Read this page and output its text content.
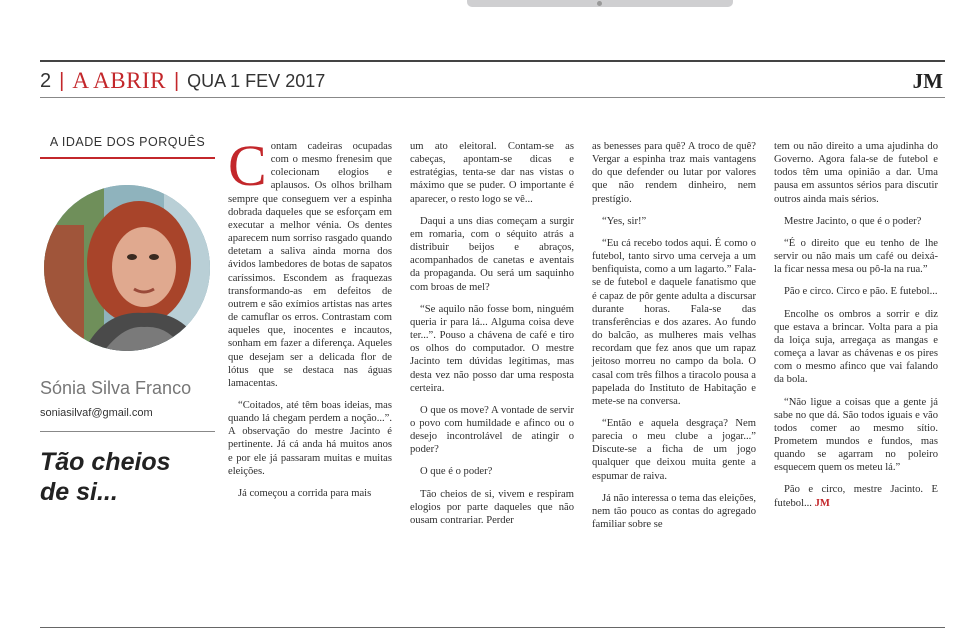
2 | A ABRIR | QUA 1 FEV 2017	JM
A IDADE DOS PORQUÊS
Sónia Silva Franco
soniasilvaf@gmail.com
Tão cheios
de si...

Contam cadeiras ocupadas com o mesmo frenesim que colecionam elogios e aplausos. Os olhos brilham sempre que conseguem ver a espinha dobrada daqueles que se esforçam em executar a melhor vénia. Os dentes aparecem num sorriso rasgado quando detetam a saliva ainda morna dos ávidos lambedores de botas de sapatos caríssimos. Escondem as fraquezas transformando-as em defeitos de outrem e são exímios artistas nas artes de camuflar os erros. Contrastam com aqueles que, inocentes e incautos, sonham em fazer a diferença. Aqueles que desejam ser a delicada flor de lótus que se destaca nas águas lamacentas.

“Coitados, até têm boas ideias, mas quando lá chegam perdem a noção...”. A observação do mestre Jacinto é pertinente. Já cá anda há muitos anos e por ele já passaram muitas e muitas eleições.

Já começou a corrida para mais

um ato eleitoral. Contam-se as cabeças, apontam-se dicas e estratégias, tenta-se dar nas vistas o máximo que se puder. O importante é aparecer, o resto logo se vê...

Daqui a uns dias começam a surgir em romaria, com o séquito atrás a distribuir beijos e abraços, acompanhados de canetas e aventais da propaganda. Ou será um saquinho com broas de mel?

“Se aquilo não fosse bom, ninguém queria ir para lá... Alguma coisa deve ter...”. Pouso a chávena de café e tiro os olhos do computador. O mestre Jacinto tem dúvidas legítimas, mas desta vez não posso dar uma resposta certeira.

O que os move? A vontade de servir o povo com humildade e afinco ou o desejo incontrolável de atingir o poder?

O que é o poder?

Tão cheios de si, vivem e respiram elogios por parte daqueles que não ousam contrariar. Perder

as benesses para quê? A troco de quê? Vergar a espinha traz mais vantagens do que defender ou lutar por valores que não rendem dinheiro, nem prestígio.

“Yes, sir!”

“Eu cá recebo todos aqui. É como o futebol, tanto sirvo uma cerveja a um benfiquista, como a um lagarto.” Fala-se de futebol e daquele fanatismo que é capaz de pôr gente adulta a discursar durante horas. Fala-se das transferências e dos azares. Ao fundo do balcão, as mulheres mais velhas recordam que fez anos que um rapaz jeitoso morreu no campo da bola. O casal com três filhos a tiracolo pousa a papelada do Instituto de Habitação e mete-se na conversa.

“Então e aquela desgraça? Nem parecia o meu clube a jogar...” Discute-se a ficha de um jogo qualquer que deixou muita gente a espumar de raiva.

Já não interessa o tema das eleições, nem tão pouco as contas do agregado familiar sobre se

tem ou não direito a uma ajudinha do Governo. Agora fala-se de futebol e todos têm uma opinião a dar. Uma pausa em assuntos sérios para discutir outros ainda mais sérios.

Mestre Jacinto, o que é o poder?

“É o direito que eu tenho de lhe servir ou não mais um café ou deixá-la ficar nessa mesa ou pô-la na rua.”

Pão e circo. Circo e pão. E futebol...

Encolhe os ombros a sorrir e diz que estava a brincar. Volta para a pia da loiça suja, arregaça as mangas e começa a lavar as chávenas e os pires com o mesmo afinco que vai falando da bola.

“Não ligue a coisas que a gente já sabe no que dá. São todos iguais e vão todos comer ao mesmo sítio. Prometem mundos e fundos, mas quando se agarram no poleiro esquecem quem os meteu lá.”

Pão e circo, mestre Jacinto. E futebol... JM
